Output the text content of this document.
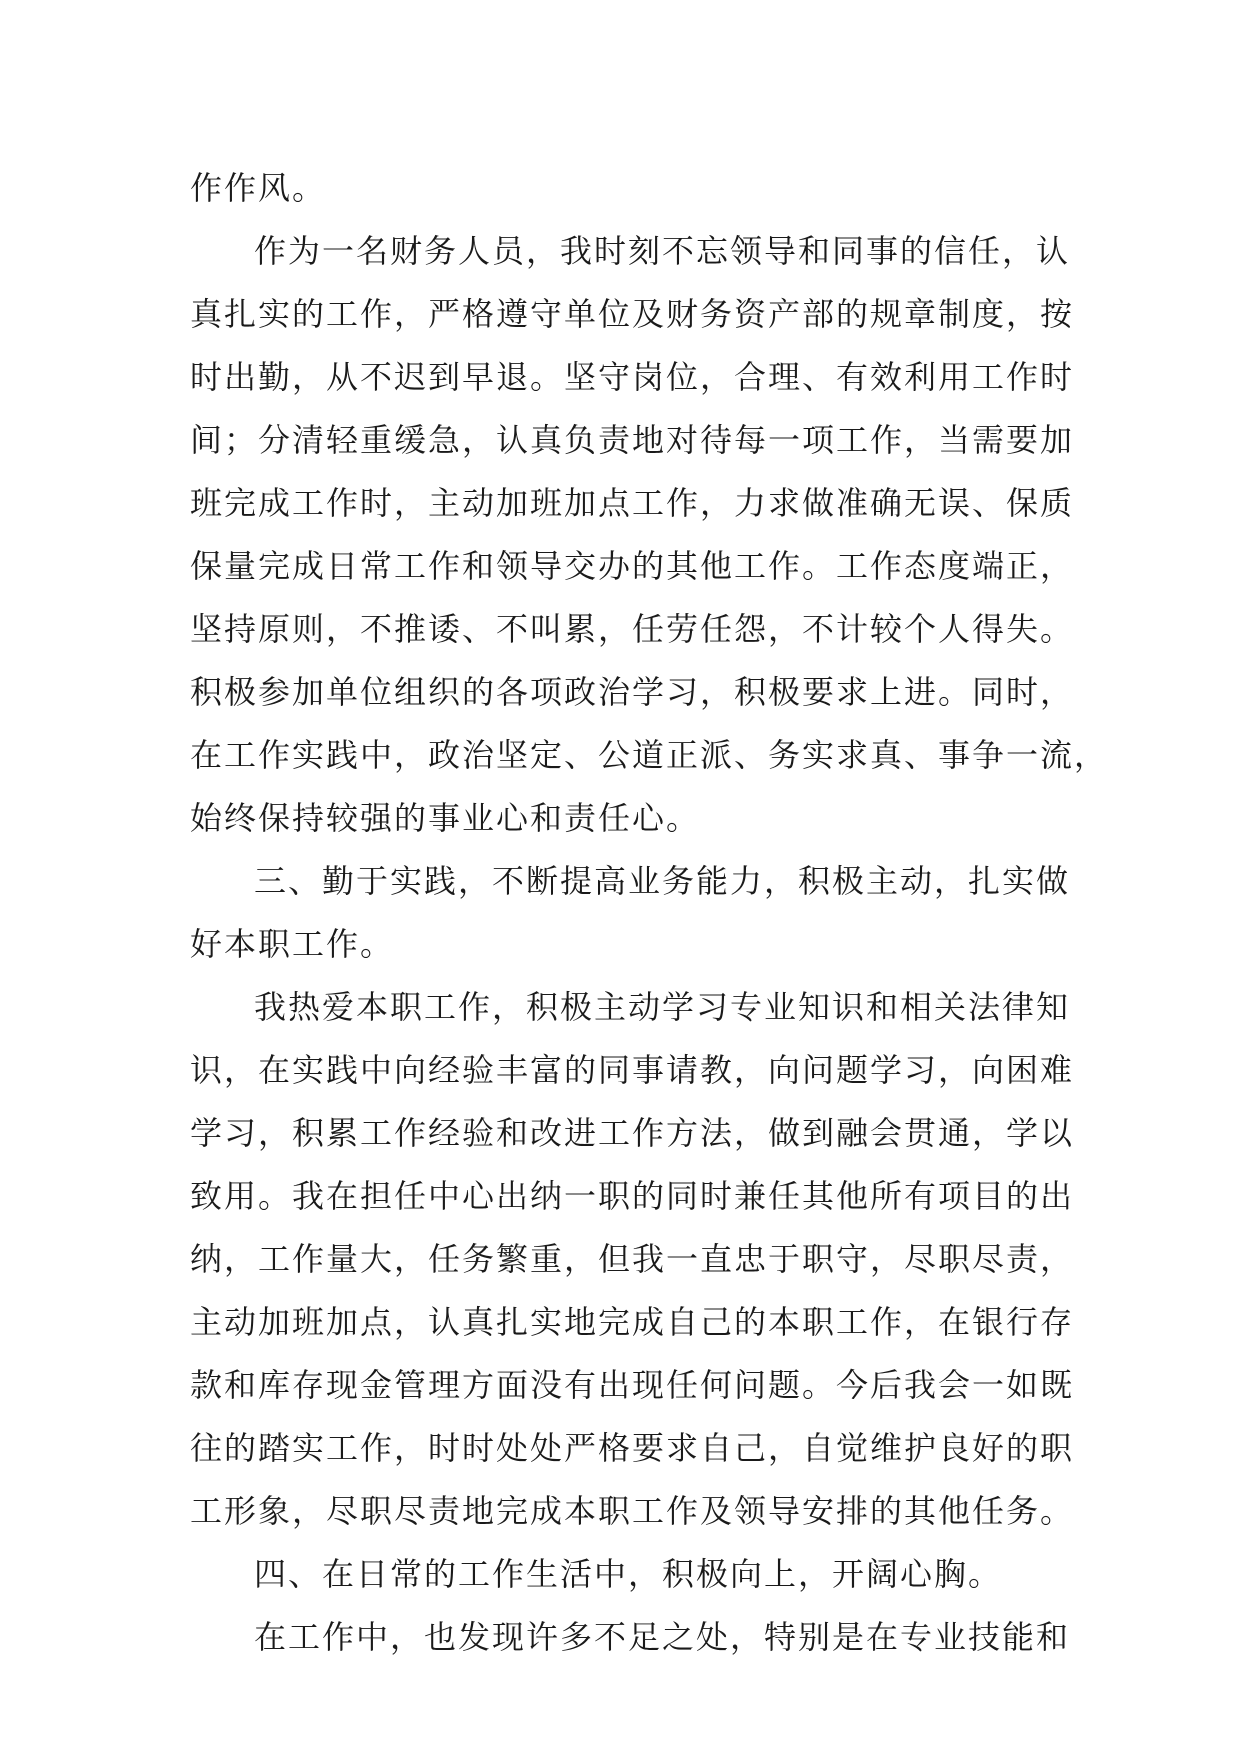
作作风。
作为一名财务人员，我时刻不忘领导和同事的信任，认
真扎实的工作，严格遵守单位及财务资产部的规章制度，按
时出勤，从不迟到早退。坚守岗位，合理、有效利用工作时
间；分清轻重缓急，认真负责地对待每一项工作，当需要加
班完成工作时，主动加班加点工作，力求做准确无误、保质
保量完成日常工作和领导交办的其他工作。工作态度端正，
坚持原则，不推诿、不叫累，任劳任怨，不计较个人得失。
积极参加单位组织的各项政治学习，积极要求上进。同时，
在工作实践中，政治坚定、公道正派、务实求真、事争一流，
始终保持较强的事业心和责任心。
三、勤于实践，不断提高业务能力，积极主动，扎实做
好本职工作。
我热爱本职工作，积极主动学习专业知识和相关法律知
识，在实践中向经验丰富的同事请教，向问题学习，向困难
学习，积累工作经验和改进工作方法，做到融会贯通，学以
致用。我在担任中心出纳一职的同时兼任其他所有项目的出
纳，工作量大，任务繁重，但我一直忠于职守，尽职尽责，
主动加班加点，认真扎实地完成自己的本职工作，在银行存
款和库存现金管理方面没有出现任何问题。今后我会一如既
往的踏实工作，时时处处严格要求自己，自觉维护良好的职
工形象，尽职尽责地完成本职工作及领导安排的其他任务。
四、在日常的工作生活中，积极向上，开阔心胸。
在工作中，也发现许多不足之处，特别是在专业技能和
